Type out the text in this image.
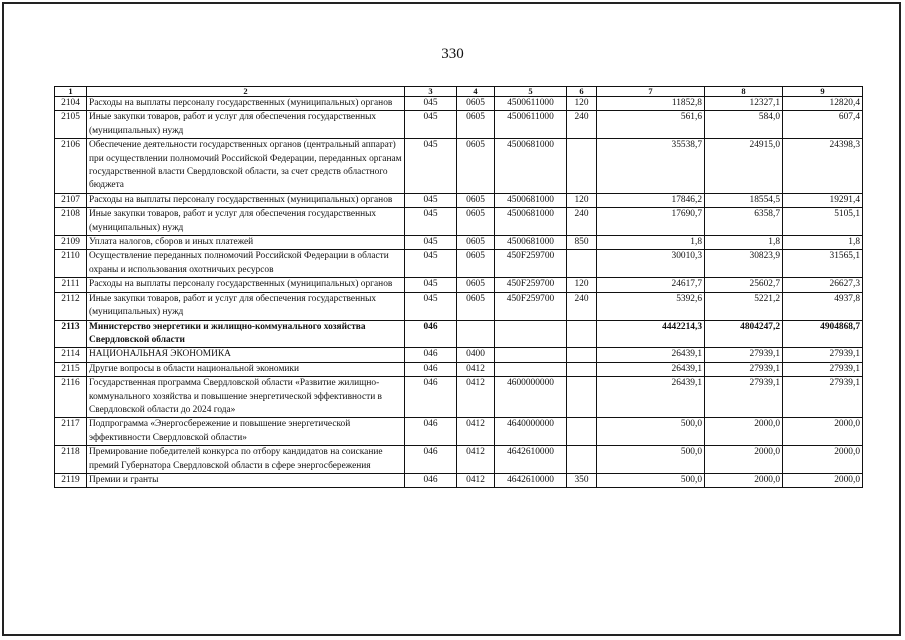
330
1	2	3	4	5	6	7	8	9
2104	Расходы на выплаты персоналу государственных (муниципальных) органов	045	0605	4500611000	120	11852,8	12327,1	12820,4
2105	Иные закупки товаров, работ и услуг для обеспечения государственных (муниципальных) нужд	045	0605	4500611000	240	561,6	584,0	607,4
2106	Обеспечение деятельности государственных органов (центральный аппарат) при осуществлении полномочий Российской Федерации, переданных органам государственной власти Свердловской области, за счет средств областного бюджета	045	0605	4500681000		35538,7	24915,0	24398,3
2107	Расходы на выплаты персоналу государственных (муниципальных) органов	045	0605	4500681000	120	17846,2	18554,5	19291,4
2108	Иные закупки товаров, работ и услуг для обеспечения государственных (муниципальных) нужд	045	0605	4500681000	240	17690,7	6358,7	5105,1
2109	Уплата налогов, сборов и иных платежей	045	0605	4500681000	850	1,8	1,8	1,8
2110	Осуществление переданных полномочий Российской Федерации в области охраны и использования охотничьих ресурсов	045	0605	450F259700		30010,3	30823,9	31565,1
2111	Расходы на выплаты персоналу государственных (муниципальных) органов	045	0605	450F259700	120	24617,7	25602,7	26627,3
2112	Иные закупки товаров, работ и услуг для обеспечения государственных (муниципальных) нужд	045	0605	450F259700	240	5392,6	5221,2	4937,8
2113	Министерство энергетики и жилищно-коммунального хозяйства Свердловской области	046				4442214,3	4804247,2	4904868,7
2114	НАЦИОНАЛЬНАЯ ЭКОНОМИКА	046	0400			26439,1	27939,1	27939,1
2115	Другие вопросы в области национальной экономики	046	0412			26439,1	27939,1	27939,1
2116	Государственная программа Свердловской области «Развитие жилищно-коммунального хозяйства и повышение энергетической эффективности в Свердловской области до 2024 года»	046	0412	4600000000		26439,1	27939,1	27939,1
2117	Подпрограмма «Энергосбережение и повышение энергетической эффективности Свердловской области»	046	0412	4640000000		500,0	2000,0	2000,0
2118	Премирование победителей конкурса по отбору кандидатов на соискание премий Губернатора Свердловской области в сфере энергосбережения	046	0412	4642610000		500,0	2000,0	2000,0
2119	Премии и гранты	046	0412	4642610000	350	500,0	2000,0	2000,0
